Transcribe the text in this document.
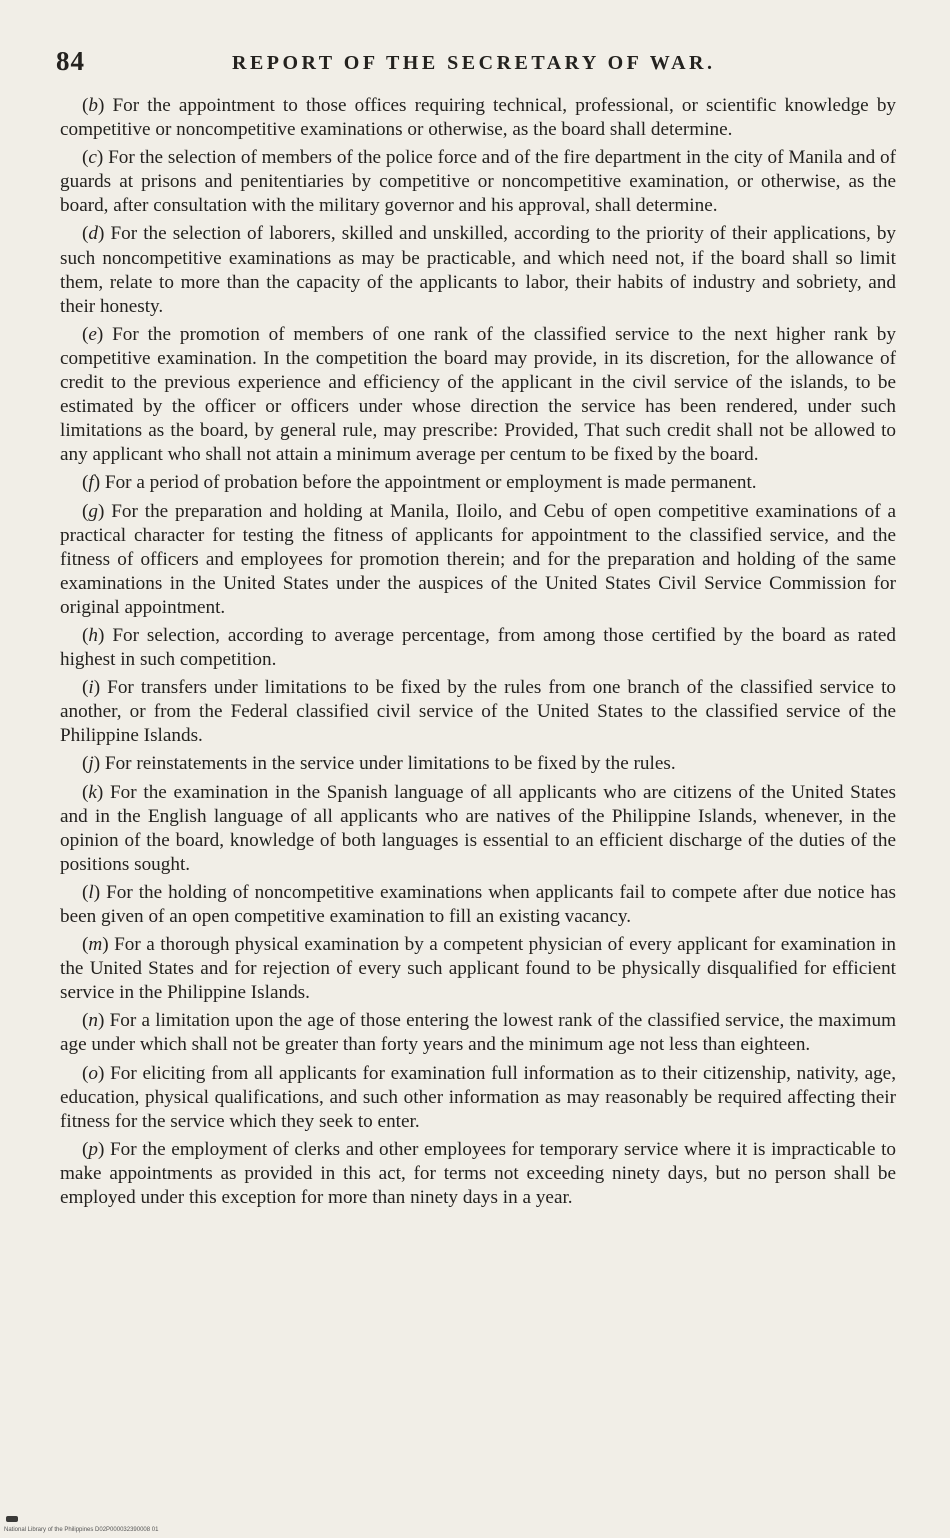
84	REPORT OF THE SECRETARY OF WAR.

(b) For the appointment to those offices requiring technical, professional, or scientific knowledge by competitive or noncompetitive examinations or otherwise, as the board shall determine.

(c) For the selection of members of the police force and of the fire department in the city of Manila and of guards at prisons and penitentiaries by competitive or noncompetitive examination, or otherwise, as the board, after consultation with the military governor and his approval, shall determine.

(d) For the selection of laborers, skilled and unskilled, according to the priority of their applications, by such noncompetitive examinations as may be practicable, and which need not, if the board shall so limit them, relate to more than the capacity of the applicants to labor, their habits of industry and sobriety, and their honesty.

(e) For the promotion of members of one rank of the classified service to the next higher rank by competitive examination. In the competition the board may provide, in its discretion, for the allowance of credit to the previous experience and efficiency of the applicant in the civil service of the islands, to be estimated by the officer or officers under whose direction the service has been rendered, under such limitations as the board, by general rule, may prescribe: Provided, That such credit shall not be allowed to any applicant who shall not attain a minimum average per centum to be fixed by the board.

(f) For a period of probation before the appointment or employment is made permanent.

(g) For the preparation and holding at Manila, Iloilo, and Cebu of open competitive examinations of a practical character for testing the fitness of applicants for appointment to the classified service, and the fitness of officers and employees for promotion therein; and for the preparation and holding of the same examinations in the United States under the auspices of the United States Civil Service Commission for original appointment.

(h) For selection, according to average percentage, from among those certified by the board as rated highest in such competition.

(i) For transfers under limitations to be fixed by the rules from one branch of the classified service to another, or from the Federal classified civil service of the United States to the classified service of the Philippine Islands.

(j) For reinstatements in the service under limitations to be fixed by the rules.

(k) For the examination in the Spanish language of all applicants who are citizens of the United States and in the English language of all applicants who are natives of the Philippine Islands, whenever, in the opinion of the board, knowledge of both languages is essential to an efficient discharge of the duties of the positions sought.

(l) For the holding of noncompetitive examinations when applicants fail to compete after due notice has been given of an open competitive examination to fill an existing vacancy.

(m) For a thorough physical examination by a competent physician of every applicant for examination in the United States and for rejection of every such applicant found to be physically disqualified for efficient service in the Philippine Islands.

(n) For a limitation upon the age of those entering the lowest rank of the classified service, the maximum age under which shall not be greater than forty years and the minimum age not less than eighteen.

(o) For eliciting from all applicants for examination full information as to their citizenship, nativity, age, education, physical qualifications, and such other information as may reasonably be required affecting their fitness for the service which they seek to enter.

(p) For the employment of clerks and other employees for temporary service where it is impracticable to make appointments as provided in this act, for terms not exceeding ninety days, but no person shall be employed under this exception for more than ninety days in a year.

National Library of the Philippines D02P000032390008 01
